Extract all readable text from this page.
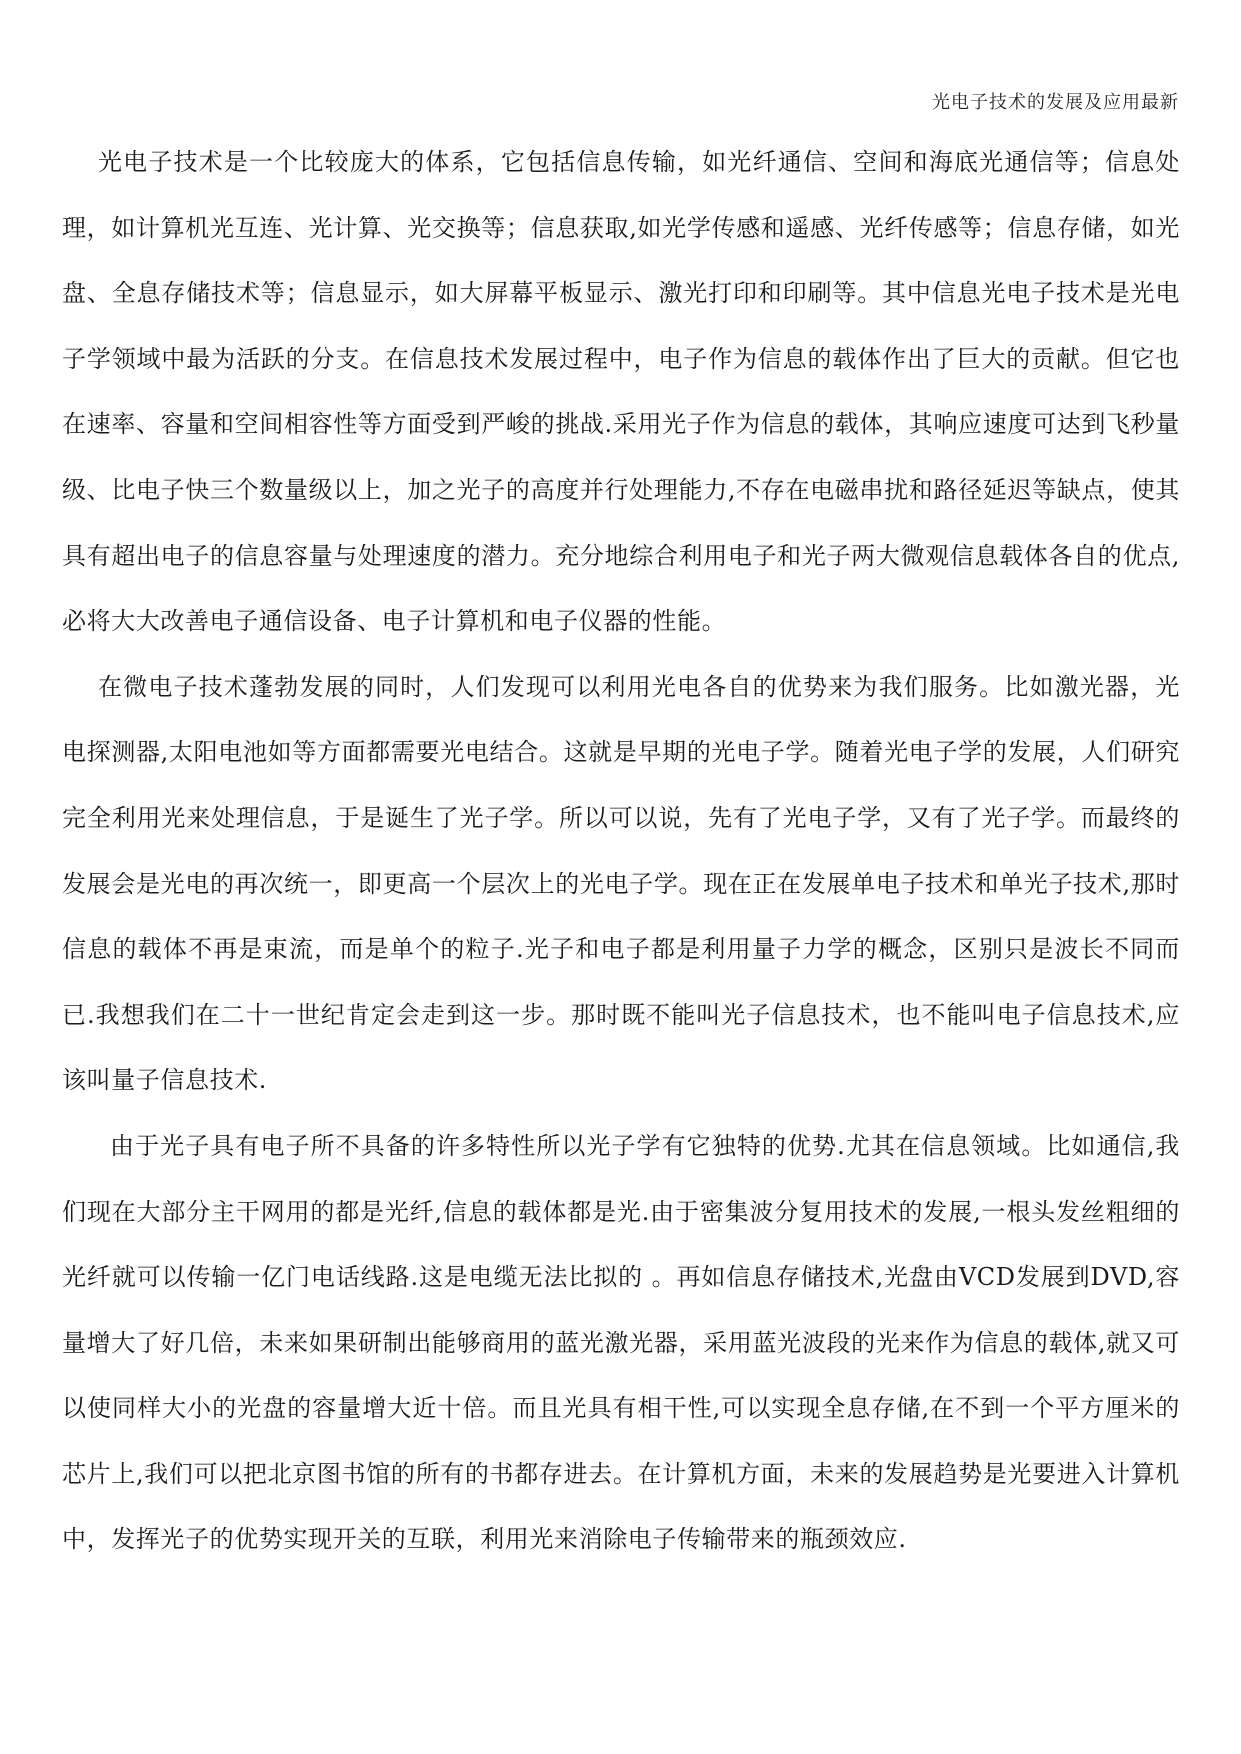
光电子技术的发展及应用最新

光电子技术是一个比较庞大的体系，它包括信息传输，如光纤通信、空间和海底光通信等；信息处理，如计算机光互连、光计算、光交换等；信息获取,如光学传感和遥感、光纤传感等；信息存储，如光盘、全息存储技术等；信息显示，如大屏幕平板显示、激光打印和印刷等。其中信息光电子技术是光电子学领域中最为活跃的分支。在信息技术发展过程中，电子作为信息的载体作出了巨大的贡献。但它也在速率、容量和空间相容性等方面受到严峻的挑战.采用光子作为信息的载体，其响应速度可达到飞秒量级、比电子快三个数量级以上，加之光子的高度并行处理能力,不存在电磁串扰和路径延迟等缺点，使其具有超出电子的信息容量与处理速度的潜力。充分地综合利用电子和光子两大微观信息载体各自的优点,必将大大改善电子通信设备、电子计算机和电子仪器的性能。

在微电子技术蓬勃发展的同时，人们发现可以利用光电各自的优势来为我们服务。比如激光器，光电探测器,太阳电池如等方面都需要光电结合。这就是早期的光电子学。随着光电子学的发展，人们研究完全利用光来处理信息，于是诞生了光子学。所以可以说，先有了光电子学，又有了光子学。而最终的发展会是光电的再次统一，即更高一个层次上的光电子学。现在正在发展单电子技术和单光子技术,那时信息的载体不再是束流，而是单个的粒子.光子和电子都是利用量子力学的概念，区别只是波长不同而已.我想我们在二十一世纪肯定会走到这一步。那时既不能叫光子信息技术，也不能叫电子信息技术,应该叫量子信息技术.

由于光子具有电子所不具备的许多特性所以光子学有它独特的优势.尤其在信息领域。比如通信,我们现在大部分主干网用的都是光纤,信息的载体都是光.由于密集波分复用技术的发展,一根头发丝粗细的光纤就可以传输一亿门电话线路.这是电缆无法比拟的 。再如信息存储技术,光盘由VCD发展到DVD,容量增大了好几倍，未来如果研制出能够商用的蓝光激光器，采用蓝光波段的光来作为信息的载体,就又可以使同样大小的光盘的容量增大近十倍。而且光具有相干性,可以实现全息存储,在不到一个平方厘米的芯片上,我们可以把北京图书馆的所有的书都存进去。在计算机方面，未来的发展趋势是光要进入计算机中，发挥光子的优势实现开关的互联，利用光来消除电子传输带来的瓶颈效应.
